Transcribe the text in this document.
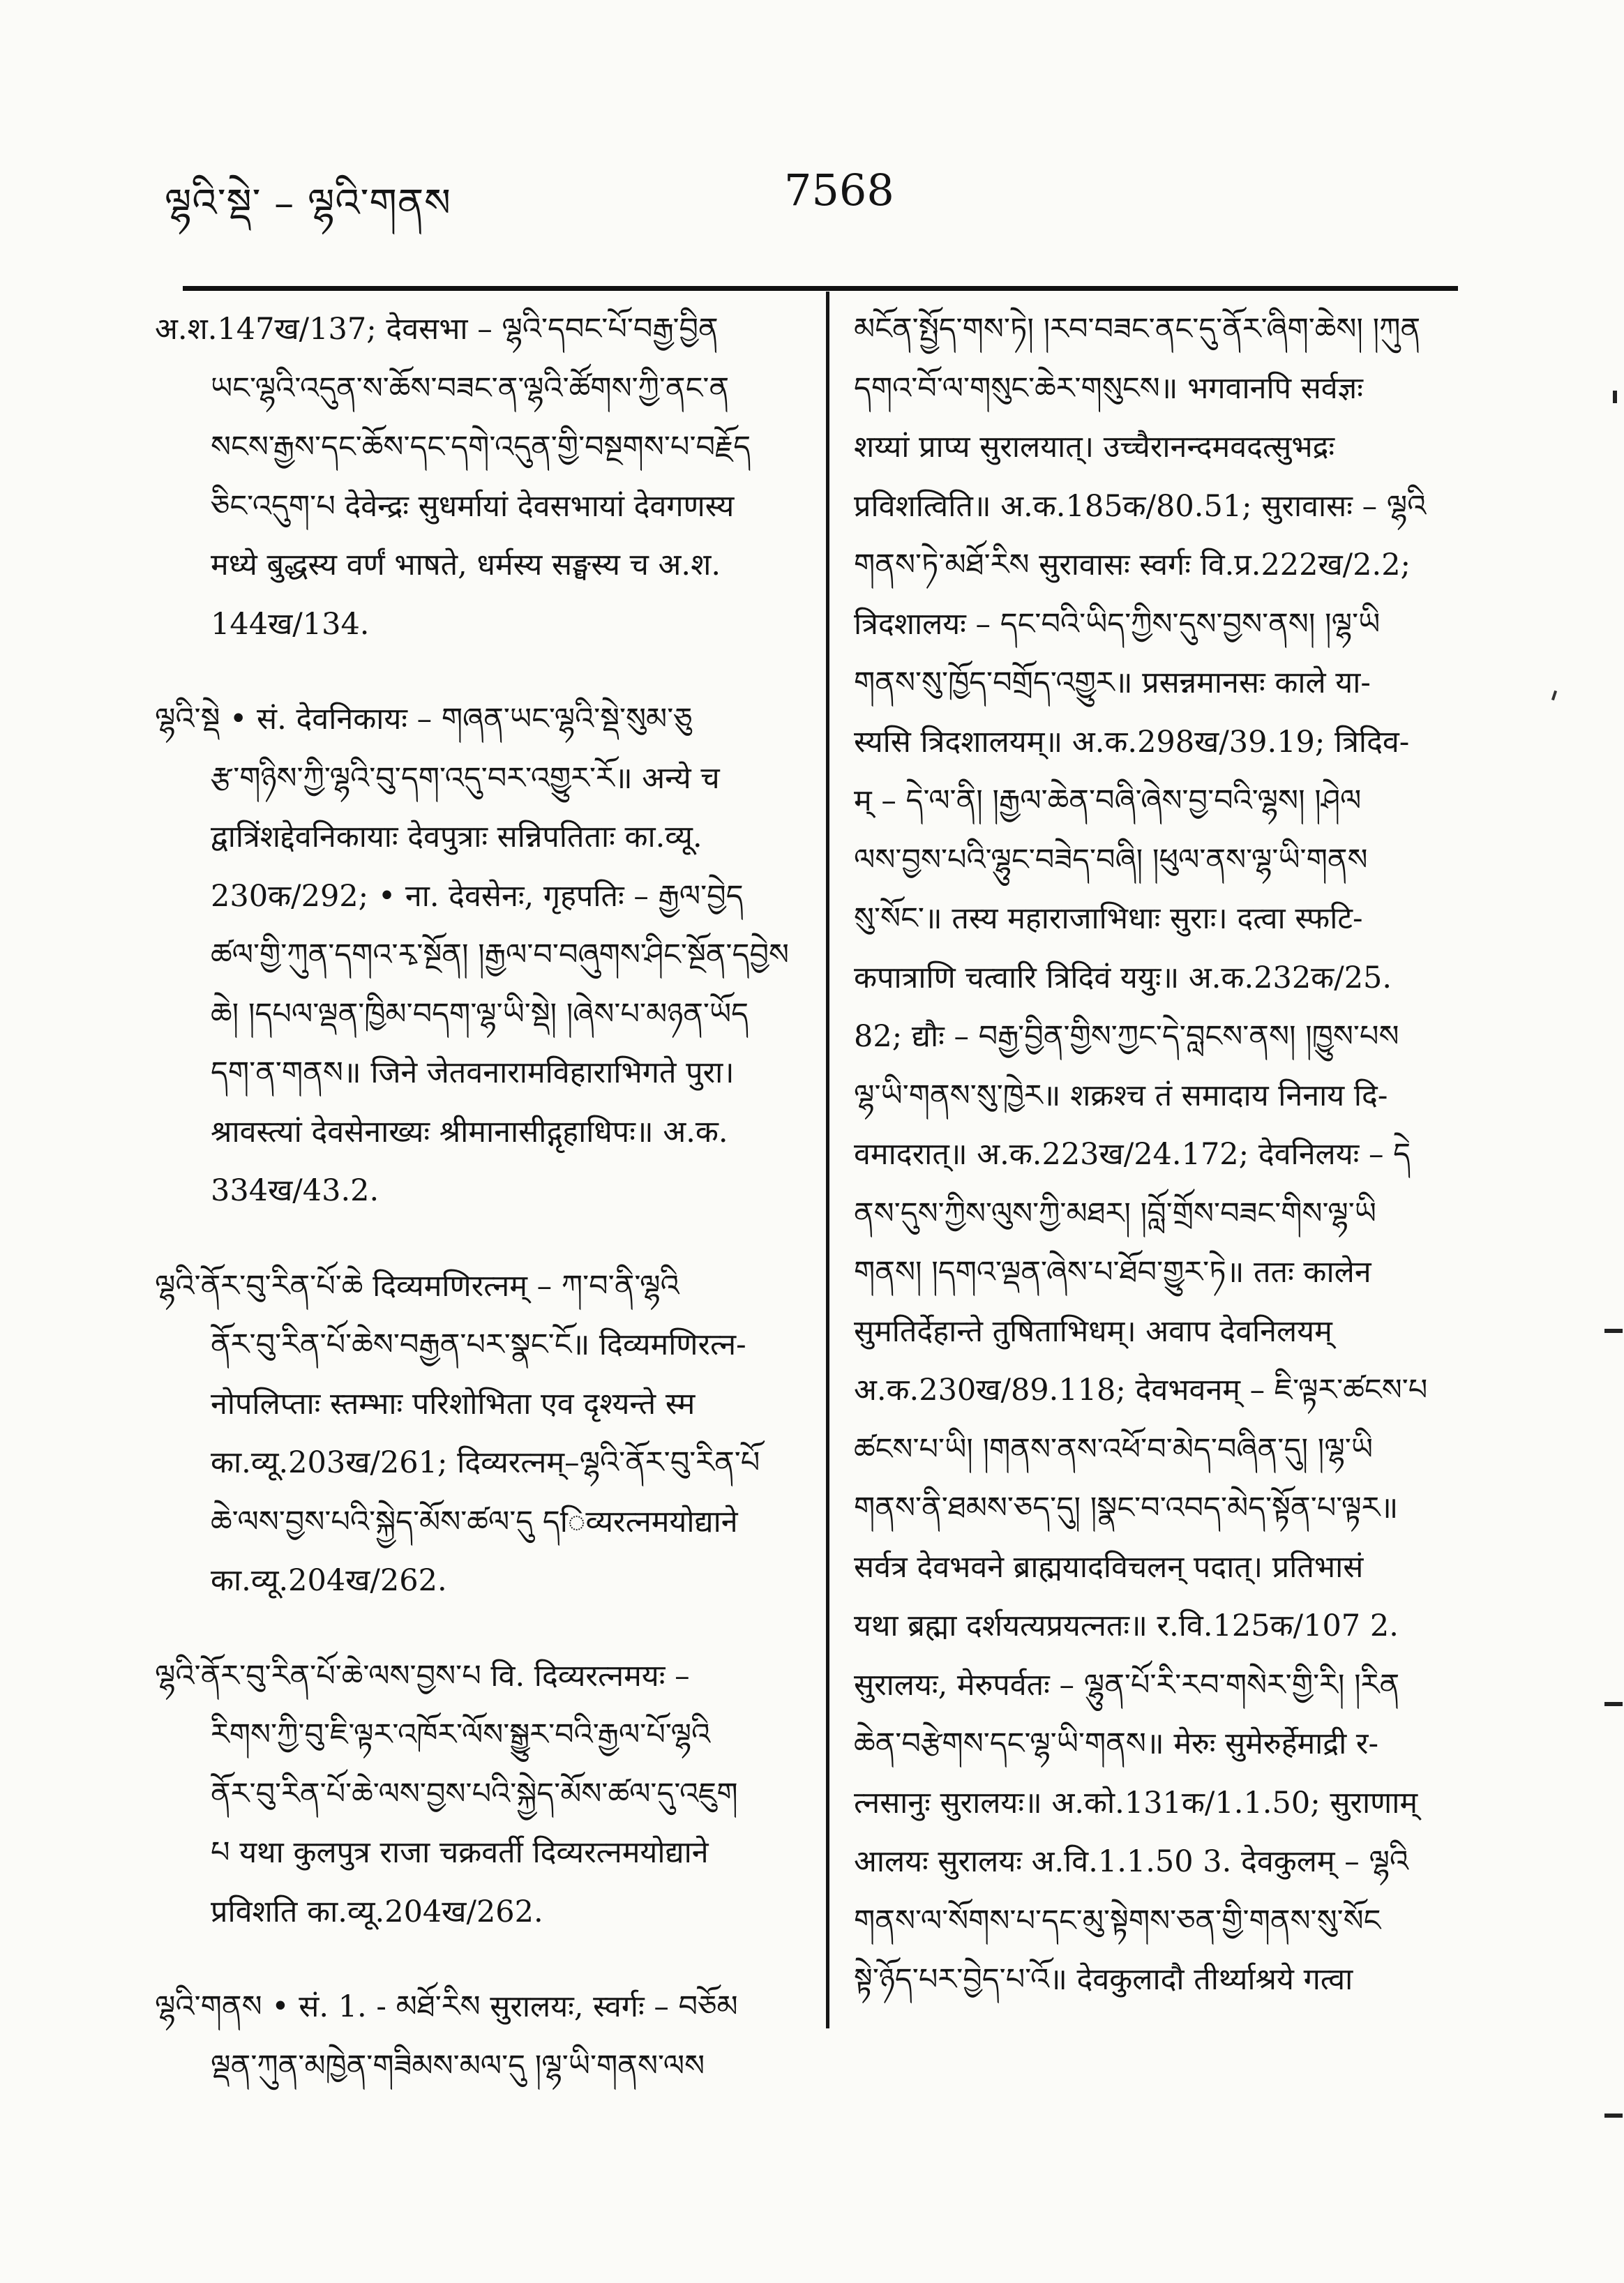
ལྷའི་སྡེ་ – ལྷའི་གནས	7568
अ.श.147ख/137; देवसभा – ལྷའི་དབང་པོ་བརྒྱ་བྱིན
ཡང་ལྷའི་འདུན་ས་ཆོས་བཟང་ན་ལྷའི་ཚོགས་ཀྱི་ནང་ན
སངས་རྒྱས་དང་ཆོས་དང་དགེ་འདུན་གྱི་བསྔགས་པ་བརྗོད
ཅིང་འདུག་པ देवेन्द्रः सुधर्मायां देवसभायां देवगणस्य
मध्ये बुद्धस्य वर्णं भाषते, धर्मस्य सङ्घस्य च अ.श.
144ख/134.
ལྷའི་སྡེ • सं. देवनिकायः – གཞན་ཡང་ལྷའི་སྡེ་སུམ་ཅུ
རྩ་གཉིས་ཀྱི་ལྷའི་བུ་དག་འདུ་བར་འགྱུར་རོ॥ अन्ये च
द्वात्रिंशद्देवनिकायाः देवपुत्राः सन्निपतिताः का.व्यू.
230क/292; • ना. देवसेनः, गृहपतिः – རྒྱལ་བྱེད
ཚལ་གྱི་ཀུན་དགའ་རྭ་སྔོན། །རྒྱལ་བ་བཞུགས་ཤིང་སྔོན་དབྱེས
ཆེ། །དཔལ་ལྡན་ཁྱིམ་བདག་ལྷ་ཡི་སྡེ། །ཞེས་པ་མཉན་ཡོད
དག་ན་གནས॥ जिने जेतवनारामविहाराभिगते पुरा।
श्रावस्त्यां देवसेनाख्यः श्रीमानासीद्गृहाधिपः॥ अ.क.
334ख/43.2.
ལྷའི་ནོར་བུ་རིན་པོ་ཆེ दिव्यमणिरत्नम् – ཀ་བ་ནི་ལྷའི
ནོར་བུ་རིན་པོ་ཆེས་བརྒྱན་པར་སྣང་ངོ॥ दिव्यमणिरत्न-
नोपलिप्ताः स्तम्भाः परिशोभिता एव दृश्यन्ते स्म
का.व्यू.203ख/261; दिव्यरत्नम्–ལྷའི་ནོར་བུ་རིན་པོ
ཆེ་ལས་བྱས་པའི་སྐྱེད་མོས་ཚལ་དུ དिव्यरत्नमयोद्याने
का.व्यू.204ख/262.
ལྷའི་ནོར་བུ་རིན་པོ་ཆེ་ལས་བྱས་པ वि. दिव्यरत्नमयः –
རིགས་ཀྱི་བུ་ཇི་ལྟར་འཁོར་ལོས་སྒྱུར་བའི་རྒྱལ་པོ་ལྷའི
ནོར་བུ་རིན་པོ་ཆེ་ལས་བྱས་པའི་སྐྱེད་མོས་ཚལ་དུ་འཇུག
པ यथा कुलपुत्र राजा चक्रवर्ती दिव्यरत्नमयोद्याने
प्रविशति का.व्यू.204ख/262.
ལྷའི་གནས • सं. 1. - མཐོ་རིས सुरालयः, स्वर्गः – བཅོམ
ལྡན་ཀུན་མཁྱེན་གཟིམས་མལ་དུ །ལྷ་ཡི་གནས་ལས
མངོན་སྤྱོད་གས་ཏེ། །རབ་བཟང་ནང་དུ་ནོར་ཞིག་ཆེས། །ཀུན
དགའ་བོ་ལ་གསུང་ཆེར་གསུངས॥ भगवानपि सर्वज्ञः
शय्यां प्राप्य सुरालयात्। उच्चैरानन्दमवदत्सुभद्रः
प्रविशत्विति॥ अ.क.185क/80.51; सुरावासः – ལྷའི
གནས་ཏེ་མཐོ་རིས सुरावासः स्वर्गः वि.प्र.222ख/2.2;
त्रिदशालयः – དང་བའི་ཡིད་ཀྱིས་དུས་བྱས་ནས། །ལྷ་ཡི
གནས་སུ་ཁྱོད་བགྲོད་འགྱུར॥ प्रसन्नमानसः काले या-
स्यसि त्रिदशालयम्॥ अ.क.298ख/39.19; त्रिदिव-
म् – དེ་ལ་ནི། །རྒྱལ་ཆེན་བཞི་ཞེས་བྱ་བའི་ལྷས། །ཤེལ
ལས་བྱས་པའི་ལྷུང་བཟེད་བཞི། །ཕུལ་ནས་ལྷ་ཡི་གནས
སུ་སོང་॥ तस्य महाराजाभिधाः सुराः। दत्वा स्फटि-
कपात्राणि चत्वारि त्रिदिवं ययुः॥ अ.क.232क/25.
82; द्यौः – བརྒྱ་བྱིན་གྱིས་ཀྱང་དེ་བླངས་ནས། །ཁྱུས་པས
ལྷ་ཡི་གནས་སུ་ཁྱེར॥ शक्रश्च तं समादाय निनाय दि-
वमादरात्॥ अ.क.223ख/24.172; देवनिलयः – དེ
ནས་དུས་ཀྱིས་ལུས་ཀྱི་མཐར། །བློ་གྲོས་བཟང་གིས་ལྷ་ཡི
གནས། །དགའ་ལྡན་ཞེས་པ་ཐོབ་གྱུར་ཏེ॥ ततः कालेन
सुमतिर्देहान्ते तुषिताभिधम्। अवाप देवनिलयम्
अ.क.230ख/89.118; देवभवनम् – ཇི་ལྟར་ཚངས་པ
ཚངས་པ་ཡི། །གནས་ནས་འཕོ་བ་མེད་བཞིན་དུ། །ལྷ་ཡི
གནས་ནི་ཐམས་ཅད་དུ། །སྣང་བ་འབད་མེད་སྟོན་པ་ལྟར॥
सर्वत्र देवभवने ब्राह्मयादविचलन् पदात्। प्रतिभासं
यथा ब्रह्मा दर्शयत्यप्रयत्नतः॥ र.वि.125क/107 2.
सुरालयः, मेरुपर्वतः – ལྷུན་པོ་རི་རབ་གསེར་གྱི་རི། །རིན
ཆེན་བརྩེགས་དང་ལྷ་ཡི་གནས॥ मेरुः सुमेरुर्हेमाद्री र-
त्नसानुः सुरालयः॥ अ.को.131क/1.1.50; सुराणाम्
आलयः सुरालयः अ.वि.1.1.50 3. देवकुलम् – ལྷའི
གནས་ལ་སོགས་པ་དང་མུ་སྟེགས་ཅན་གྱི་གནས་སུ་སོང
སྟེ་ཉོད་པར་བྱེད་པ་འོ॥ देवकुलादौ तीर्थ्याश्रये गत्वा
